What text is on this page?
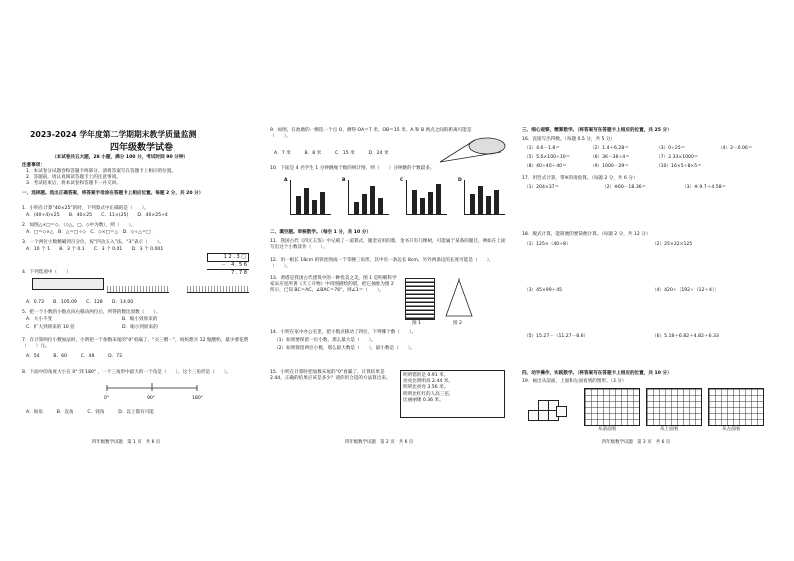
2023-2024 学年度第二学期期末教学质量监测
四年级数学试卷
（本试卷共五大题，28 小题，满分 100 分，考试时间 90 分钟）
注意事项：
1．本试卷分试题卷和答题卡两部分，请将答案写在答题卡上相应的位置。
2．答题前，请认真阅读答题卡上的注意事项。
3．考试结束后，将本试卷和答题卡一并交回。
一、选择题。选出正确答案，将答案字母涂在答题卡上相应位置。每题 2 分，共 20 分）
1．小明在计算“40×25”的时，下列算式中正确的是（　　）。
A．(40+4)×25　　B．40×25　　C．11×(25)　　D．40×25+4
2．如图△×□＝◇，（◇△、□、◇中为数），则（　　）。
A．□＝◇×△　B．△＝□÷◇　C．◇×□＝△　D．◇÷△＝□
3．一个两位小数精确到百分位，按“四舍五入”法，“3”表示（　　）。
A．10 个 1　　B．3 个 0.1　　C．3 个 0.01　　D．3 个 0.001
1 2 . 3 □
－　4 . 5 6
7 . 7 8
4．下列选项中（　　）
A．0.73　　B．105.09　　C．128　　D．14.00
5．把一个小数的小数点向右移动两位后，所得的数比原数（　　）。
A．大小不变	B．缩小到原来的
C．扩大到原来的 10 倍	D．缩小到原来的
7．在计算两位小数加法时，小明把一个加数末尾的“0”看漏了，“买三赠一”，妈妈想买 12 瓶酸奶，最少要花费（　　）元。
A．54　　　B．60　　　C．48　　　D．72
8．下面中的角度大小在 0° 到 180° ，一个三角形中最大的一个角是（　　），这个三角形是（　　）。
0°	90°	180°
A．锐角　　　B．直角　　　C．钝角　　　D．以上都有可能
四年级数学试题　第 1 页　共 6 页
9．如图，在池塘的一侧选一个点 O，测得 OA＝7 米，OB＝15 米，A 和 B 两点之间的距离可能是（　　）。
A．7 米　　　B．8 米　　　C．15 米　　　D．24 米
10．下面是 4 名学生 1 分钟跳绳个数的统计图，则（　　）分钟跳的个数最多。
A	B	C	D
二、填空题。审核数学。（每空 1 分，共 10 分）
11．我国古代《四元玉鉴》中记载了一道算式，题金宣用的鼎，金书只有几棵树，可能属于某条的题目，例如在上面写出这个小数读作（　　）。
12．用一根长 18cm 的铁丝围成一个等腰三角形，其中有一条边长 8cm，另外两条边的长度可能是（　　），（　　）。
13．黄塔是我国古代建筑中的一种优美之美，图 1 是明朝科学家宋应星所著《天工开物》中用图描绘的塔，把它抽象为图 2 所示，已知 BC＝AC，∠BAC＝76°，则∠1＝（　　）。
图 1	图 2
14．小明在家中办公室里，把小数点移动了四位，下列哪个数（　　）。
（1）如果要保留一位小数，那么最大是（　　）。
（2）如果保留两位小数，那么最大数是（　　），最小数是（　　）。
15．小明在计算时把加数末尾的“0”看漏了，计算结果是 2.44，正确的结果应该是多少？请你用合适的方法算出来。
明明错的是 0.91 米。
亮亮比明明高 2.44 米。
明明比亮亮 3.56 米。
明明比红红的人高三倍，
比丽丽矮 0.36 米。
四年级数学试题　第 2 页　共 6 页
三、细心观察，精算数学。（将答案写在答题卡上相应的位置，共 25 分）
16．直接写出得数。（每题 0.5 分，共 5 分）
（1）4.6－1.8＝	（2）1.4＋6.28＝	（3）0÷25＝	（4）2－0.06＝
（5）5.6×100÷10＝	（6）36－36÷4＝	（7）2.33×1000＝
（8）40÷40＋40＝	（9）1000－29＝	（10）16×5÷8×5＝
17．用竖式计算，带※的请验算。（每题 2 分，共 6 分）
（1）204×37＝	（2）※60－18.36＝	（3）※ 9.7＋4.58＝
18．脱式计算，能简便的要简便计算。（每题 2 分，共 12 分）
（1）125×（40÷8）	（2）25×32×125
（3）45×99＋45	（4）420÷［192÷（12＋4）］
（5）15.27－（11.27－8.6）	（6）5.18＋6.82＋4.82＋6.33
四、动手操作，实践数学。（将答案写在答题卡上相应的位置，共 10 分）
19．画出从前面、上面和左面看到的图形。（3 分）
从前面看	从上面看	从左面看
四年级数学试题　第 3 页　共 6 页
